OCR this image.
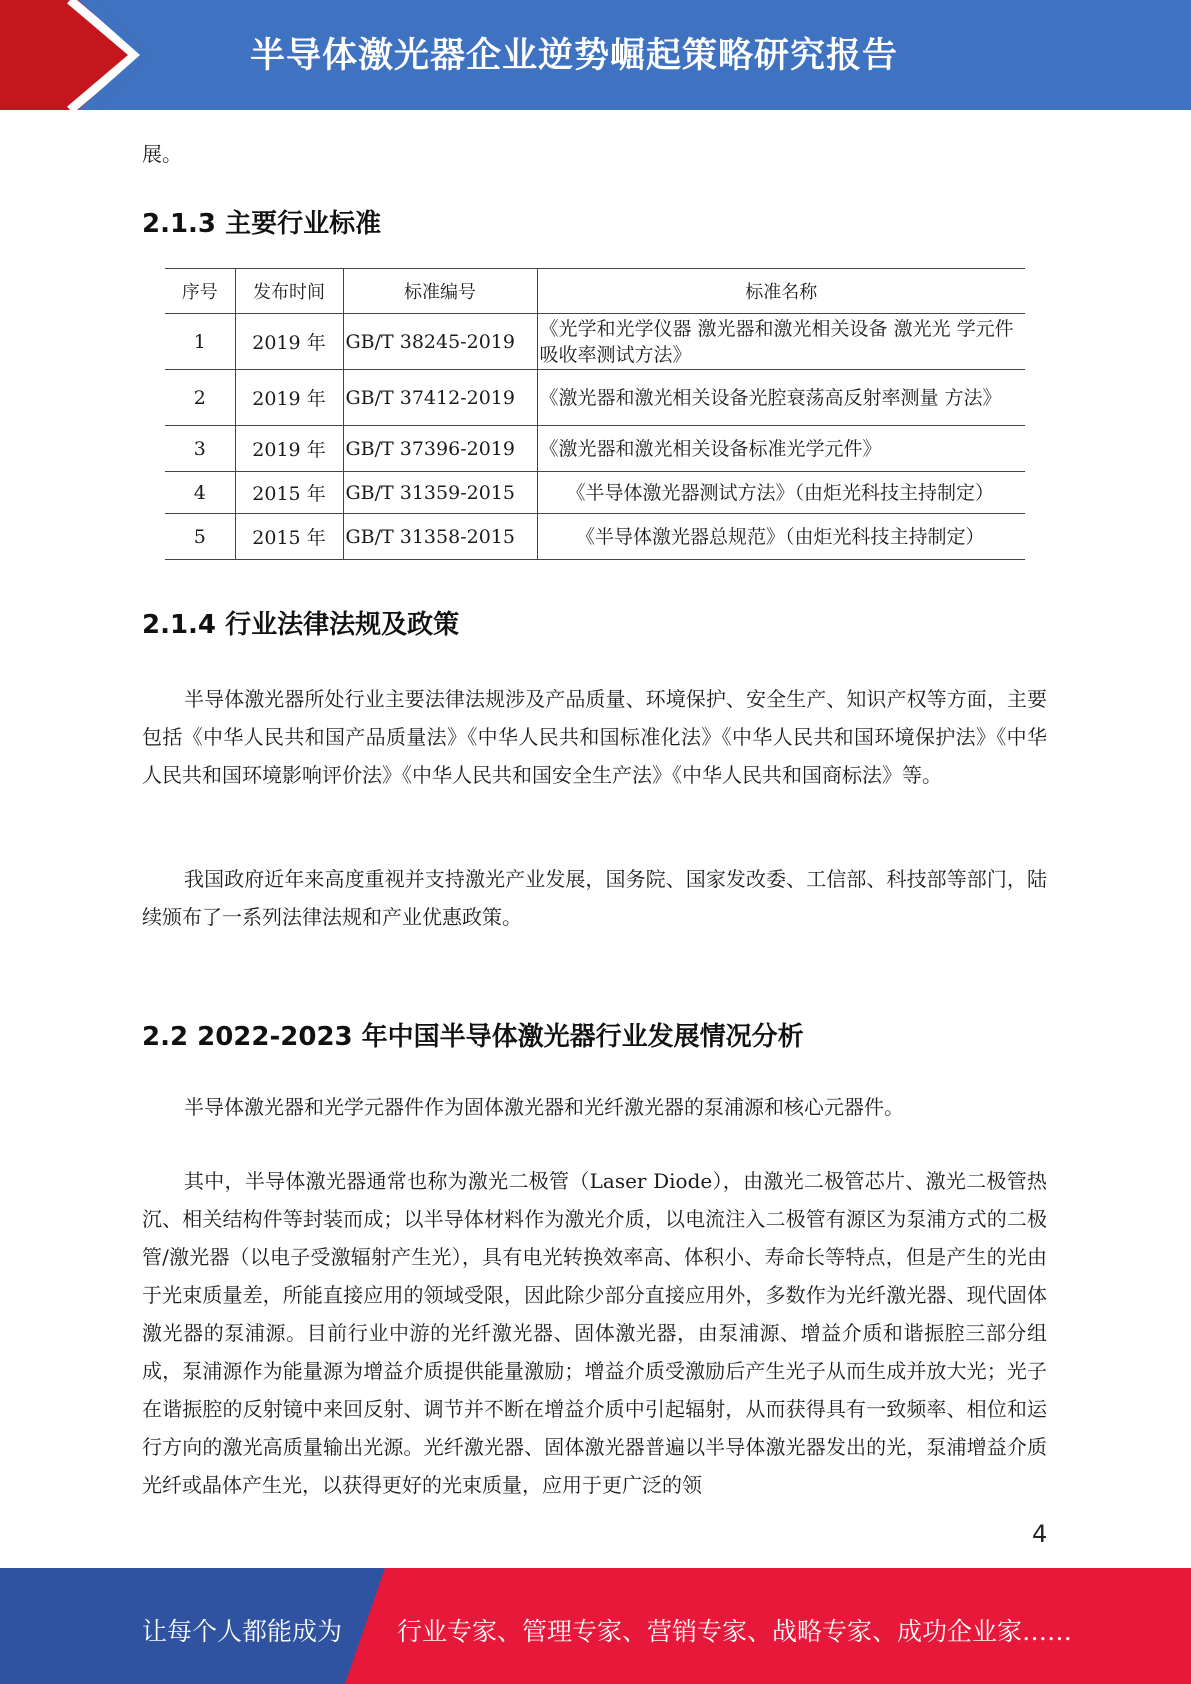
半导体激光器企业逆势崛起策略研究报告
展。
2.1.3 主要行业标准
序号	发布时间	标准编号	标准名称
1	2019 年	GB/T 38245-2019	《光学和光学仪器 激光器和激光相关设备 激光光 学元件吸收率测试方法》
2	2019 年	GB/T 37412-2019	《激光器和激光相关设备光腔衰荡高反射率测量 方法》
3	2019 年	GB/T 37396-2019	《激光器和激光相关设备标准光学元件》
4	2015 年	GB/T 31359-2015	《半导体激光器测试方法》（由炬光科技主持制定）
5	2015 年	GB/T 31358-2015	《半导体激光器总规范》（由炬光科技主持制定）
2.1.4 行业法律法规及政策

半导体激光器所处行业主要法律法规涉及产品质量、环境保护、安全生产、知识产权等方面，主要包括《中华人民共和国产品质量法》《中华人民共和国标准化法》《中华人民共和国环境保护法》《中华人民共和国环境影响评价法》《中华人民共和国安全生产法》《中华人民共和国商标法》等。

我国政府近年来高度重视并支持激光产业发展，国务院、国家发改委、工信部、科技部等部门，陆续颁布了一系列法律法规和产业优惠政策。

2.2 2022-2023 年中国半导体激光器行业发展情况分析

半导体激光器和光学元器件作为固体激光器和光纤激光器的泵浦源和核心元器件。

其中，半导体激光器通常也称为激光二极管（Laser Diode），由激光二极管芯片、激光二极管热沉、相关结构件等封装而成；以半导体材料作为激光介质，以电流注入二极管有源区为泵浦方式的二极管/激光器（以电子受激辐射产生光），具有电光转换效率高、体积小、寿命长等特点，但是产生的光由于光束质量差，所能直接应用的领域受限，因此除少部分直接应用外，多数作为光纤激光器、现代固体激光器的泵浦源。目前行业中游的光纤激光器、固体激光器，由泵浦源、增益介质和谐振腔三部分组成，泵浦源作为能量源为增益介质提供能量激励；增益介质受激励后产生光子从而生成并放大光；光子在谐振腔的反射镜中来回反射、调节并不断在增益介质中引起辐射，从而获得具有一致频率、相位和运行方向的激光高质量输出光源。光纤激光器、固体激光器普遍以半导体激光器发出的光，泵浦增益介质光纤或晶体产生光，以获得更好的光束质量，应用于更广泛的领

4
让每个人都能成为 行业专家、管理专家、营销专家、战略专家、成功企业家……
